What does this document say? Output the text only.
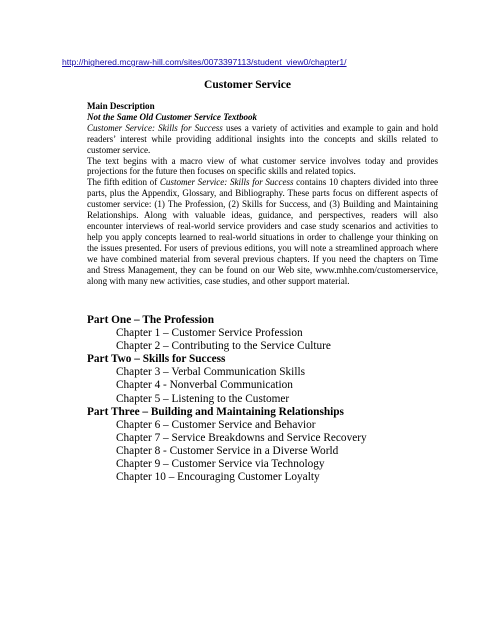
http://highered.mcgraw-hill.com/sites/0073397113/student_view0/chapter1/
Customer Service

Main Description

Not the Same Old Customer Service Textbook

Customer Service: Skills for Success uses a variety of activities and example to gain and hold readers’ interest while providing additional insights into the concepts and skills related to customer service.

The text begins with a macro view of what customer service involves today and provides projections for the future then focuses on specific skills and related topics.

The fifth edition of Customer Service: Skills for Success contains 10 chapters divided into three parts, plus the Appendix, Glossary, and Bibliography. These parts focus on different aspects of customer service: (1) The Profession, (2) Skills for Success, and (3) Building and Maintaining Relationships. Along with valuable ideas, guidance, and perspectives, readers will also encounter interviews of real-world service providers and case study scenarios and activities to help you apply concepts learned to real-world situations in order to challenge your thinking on the issues presented. For users of previous editions, you will note a streamlined approach where we have combined material from several previous chapters. If you need the chapters on Time and Stress Management, they can be found on our Web site, www.mhhe.com/customerservice, along with many new activities, case studies, and other support material.

Part One – The Profession
Chapter 1 – Customer Service Profession
Chapter 2 – Contributing to the Service Culture
Part Two – Skills for Success
Chapter 3 – Verbal Communication Skills
Chapter 4 - Nonverbal Communication
Chapter 5 – Listening to the Customer
Part Three – Building and Maintaining Relationships
Chapter 6 – Customer Service and Behavior
Chapter 7 – Service Breakdowns and Service Recovery
Chapter 8 - Customer Service in a Diverse World
Chapter 9 – Customer Service via Technology
Chapter 10 – Encouraging Customer Loyalty
